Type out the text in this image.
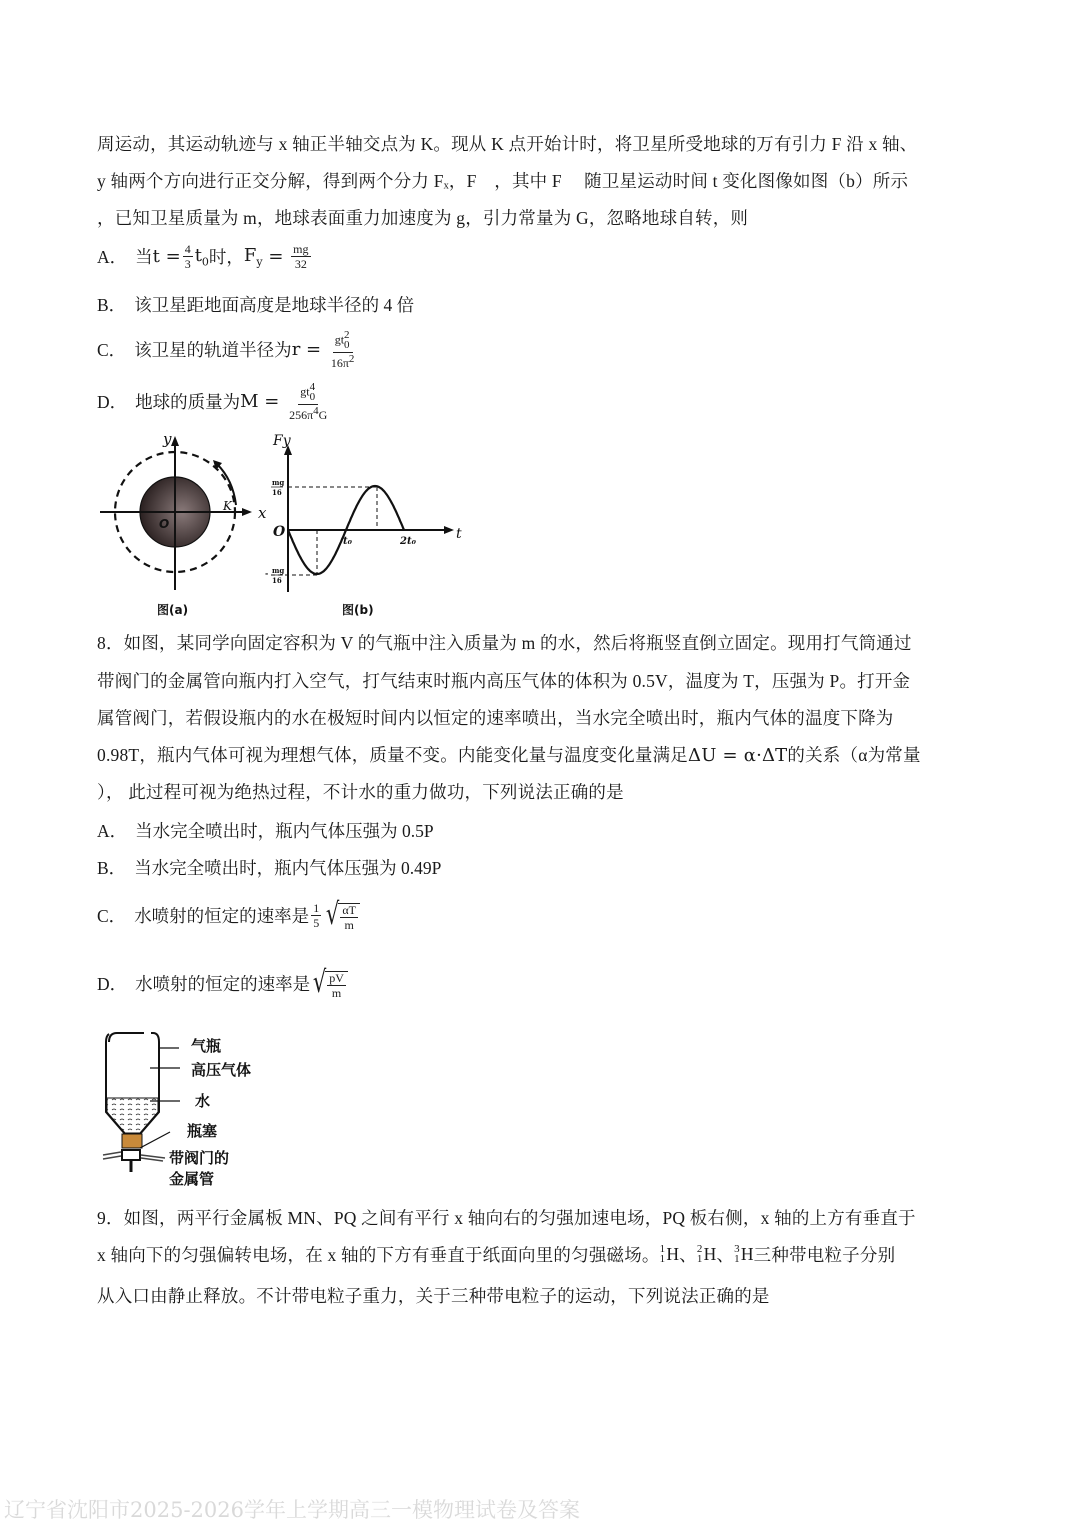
周运动，其运动轨迹与 x 轴正半轴交点为 K。现从 K 点开始计时，将卫星所受地球的万有引力 F 沿 x 轴、
y 轴两个方向进行正交分解，得到两个分力 Fₓ，F　，其中 F　 随卫星运动时间 t 变化图像如图（b）所示
，已知卫星质量为 m，地球表面重力加速度为 g，引力常量为 G，忽略地球自转，则
A． 当 $t = \frac{4}{3} t_0$ 时， $F_y = \frac{mg}{32}$
B． 该卫星距地面高度是地球半径的 4 倍
C． 该卫星的轨道半径为 r = gt 2
0
$16\pi^2$
D． 地球的质量为 M = gt 4
0
$256\pi^4G$
x
y
O
K
图(a)
Fy
O	t
t₀	2t₀
mg
16
- mg
16
图(b)
8．如图，某同学向固定容积为 V 的气瓶中注入质量为 m 的水，然后将瓶竖直倒立固定。现用打气筒通过
带阀门的金属管向瓶内打入空气，打气结束时瓶内高压气体的体积为 0.5V，温度为 T，压强为 P。打开金
属管阀门，若假设瓶内的水在极短时间内以恒定的速率喷出，当水完全喷出时，瓶内气体的温度下降为
0.98T，瓶内气体可视为理想气体，质量不变。内能变化量与温度变化量满足ΔU = α·ΔT的关系（α为常量
）， 此过程可视为绝热过程，不计水的重力做功，下列说法正确的是
A． 当水完全喷出时，瓶内气体压强为 0.5P
B． 当水完全喷出时，瓶内气体压强为 0.49P
C． 水喷射的恒定的速率是 $\frac{1}{5}$ √ $\frac{\alpha T}{m}$
D． 水喷射的恒定的速率是 √ $\frac{pV}{m}$
气瓶
高压气体
水
瓶塞
带阀门的
金属管
9．如图，两平行金属板 MN、PQ 之间有平行 x 轴向右的匀强加速电场，PQ 板右侧，x 轴的上方有垂直于
x 轴向下的匀强偏转电场，在 x 轴的下方有垂直于纸面向里的匀强磁场。 1
1 H 、 2
1 H 、 3
1 H 三种带电粒子分别
从入口由静止释放。不计带电粒子重力，关于三种带电粒子的运动，下列说法正确的是
辽宁省沈阳市2025-2026学年上学期高三一模物理试卷及答案
